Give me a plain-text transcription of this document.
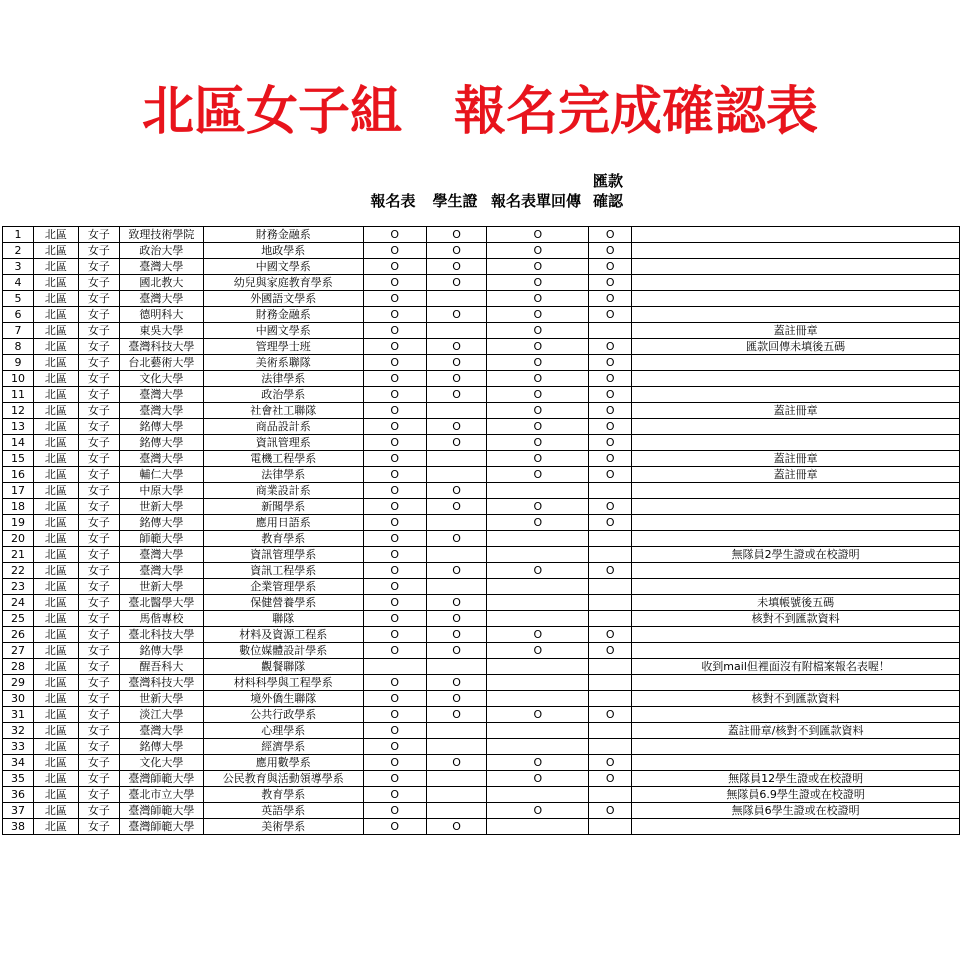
北區女子組　報名完成確認表
報名表	學生證 報名表單回傳
匯款
確認
1	北區	女子	致理技術學院	財務金融系	O	O	O	O	
2	北區	女子	政治大學	地政學系	O	O	O	O	
3	北區	女子	臺灣大學	中國文學系	O	O	O	O	
4	北區	女子	國北教大	幼兒與家庭教育學系	O	O	O	O	
5	北區	女子	臺灣大學	外國語文學系	O		O	O	
6	北區	女子	德明科大	財務金融系	O	O	O	O	
7	北區	女子	東吳大學	中國文學系	O		O		蓋註冊章
8	北區	女子	臺灣科技大學	管理學士班	O	O	O	O	匯款回傳未填後五碼
9	北區	女子	台北藝術大學	美術系聯隊	O	O	O	O	
10	北區	女子	文化大學	法律學系	O	O	O	O	
11	北區	女子	臺灣大學	政治學系	O	O	O	O	
12	北區	女子	臺灣大學	社會社工聯隊	O		O	O	蓋註冊章
13	北區	女子	銘傳大學	商品設計系	O	O	O	O	
14	北區	女子	銘傳大學	資訊管理系	O	O	O	O	
15	北區	女子	臺灣大學	電機工程學系	O		O	O	蓋註冊章
16	北區	女子	輔仁大學	法律學系	O		O	O	蓋註冊章
17	北區	女子	中原大學	商業設計系	O	O			
18	北區	女子	世新大學	新聞學系	O	O	O	O	
19	北區	女子	銘傳大學	應用日語系	O		O	O	
20	北區	女子	師範大學	教育學系	O	O			
21	北區	女子	臺灣大學	資訊管理學系	O				無隊員2學生證或在校證明
22	北區	女子	臺灣大學	資訊工程學系	O	O	O	O	
23	北區	女子	世新大學	企業管理學系	O				
24	北區	女子	臺北醫學大學	保健營養學系	O	O			未填帳號後五碼
25	北區	女子	馬偕專校	聯隊	O	O			核對不到匯款資料
26	北區	女子	臺北科技大學	材料及資源工程系	O	O	O	O	
27	北區	女子	銘傳大學	數位媒體設計學系	O	O	O	O	
28	北區	女子	醒吾科大	觀餐聯隊					收到mail但裡面沒有附檔案報名表喔！
29	北區	女子	臺灣科技大學	材料科學與工程學系	O	O			
30	北區	女子	世新大學	境外僑生聯隊	O	O			核對不到匯款資料
31	北區	女子	淡江大學	公共行政學系	O	O	O	O	
32	北區	女子	臺灣大學	心理學系	O				蓋註冊章/核對不到匯款資料
33	北區	女子	銘傳大學	經濟學系	O				
34	北區	女子	文化大學	應用數學系	O	O	O	O	
35	北區	女子	臺灣師範大學	公民教育與活動領導學系	O		O	O	無隊員12學生證或在校證明
36	北區	女子	臺北市立大學	教育學系	O				無隊員6.9學生證或在校證明
37	北區	女子	臺灣師範大學	英語學系	O		O	O	無隊員6學生證或在校證明
38	北區	女子	臺灣師範大學	美術學系	O	O			
